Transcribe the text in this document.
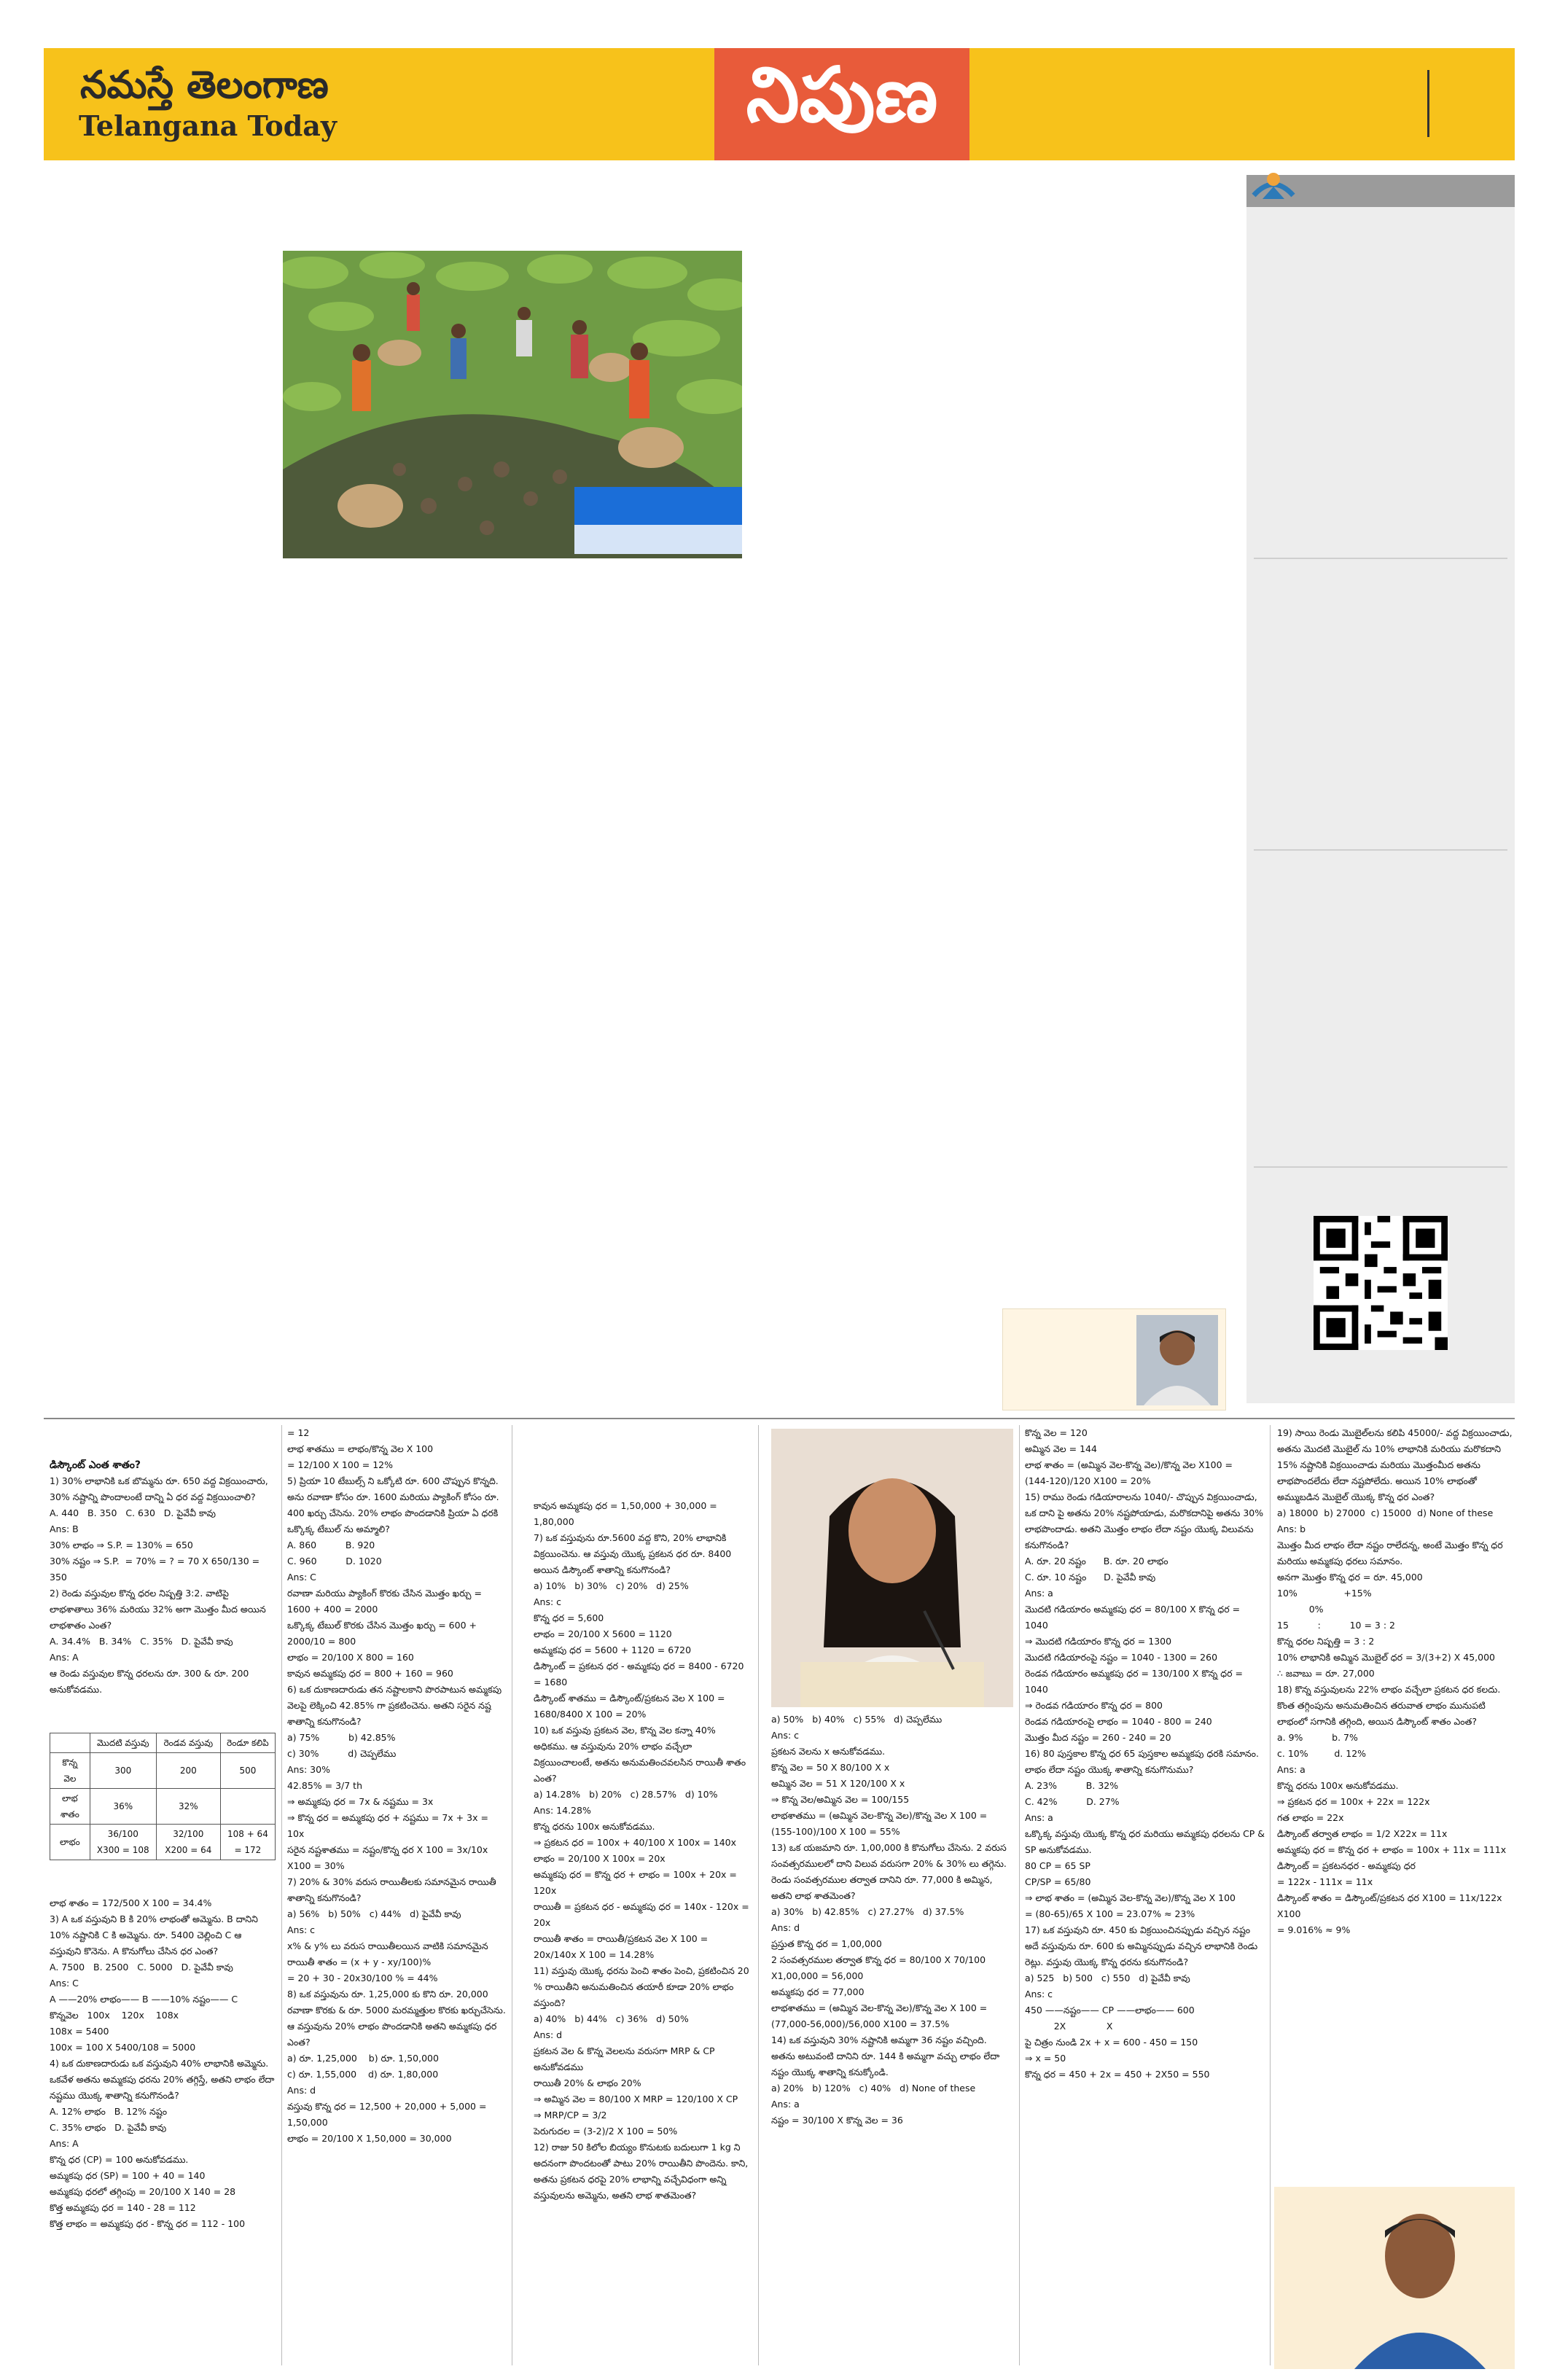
నమస్తే తెలంగాణ
Telangana Today	నిపుణ

డిస్కౌంట్ ఎంత శాతం?
1) 30% లాభానికి ఒక బొమ్మను రూ. 650 వద్ద విక్రయించారు, 30% నష్టాన్ని పొందాలంటే దాన్ని ఏ ధర వద్ద విక్రయించాలి?
A. 440   B. 350   C. 630   D. పైవేవీ కావు
Ans: B
30% లాభం ⇒ S.P. = 130% = 650
30% నష్టం ⇒ S.P.  = 70% = ? = 70 X 650/130 = 350
2) రెండు వస్తువుల కొన్న ధరల నిష్పత్తి 3:2. వాటిపై లాభశాతాలు 36% మరియు 32% అగా మొత్తం మీద అయిన లాభశాతం ఎంత?
A. 34.4%   B. 34%   C. 35%   D. పైవేవీ కావు
Ans: A
ఆ రెండు వస్తువుల కొన్న ధరలను రూ. 300 & రూ. 200 అనుకోవడము.

	మొదటి వస్తువు	రెండవ వస్తువు	రెండూ కలిపి
కొన్న వెల	300	200	500
లాభ శాతం	36%	32%	
లాభం	36/100 X300 = 108	32/100 X200 = 64	108 + 64 = 172

లాభ శాతం = 172/500 X 100 = 34.4%
3) A ఒక వస్తువుని B కి 20% లాభంతో అమ్మెను. B దానిని 10% నష్టానికి C కి అమ్మెను. రూ. 5400 చెల్లించి C ఆ వస్తువుని కొనెను. A కొనుగోలు చేసిన ధర ఎంత?
A. 7500   B. 2500   C. 5000   D. పైవేవీ కావు
Ans: C
A ——20% లాభం—— B ——10% నష్టం—— C
కొన్నవెల   100x    120x    108x
108x = 5400
100x = 100 X 5400/108 = 5000
4) ఒక దుకాణదారుడు ఒక వస్తువుని 40% లాభానికి అమ్మెను. ఒకవేళ అతను అమ్మకపు ధరను 20% తగ్గిస్తే, అతని లాభం లేదా నష్టము యొక్క శాతాన్ని కనుగొనండి?
A. 12% లాభం   B. 12% నష్టం
C. 35% లాభం   D. పైవేవీ కావు
Ans: A
కొన్న ధర (CP) = 100 అనుకోవడము.
అమ్మకపు ధర (SP) = 100 + 40 = 140
అమ్మకపు ధరలో తగ్గింపు = 20/100 X 140 = 28
కొత్త అమ్మకపు ధర = 140 - 28 = 112
కొత్త లాభం = అమ్మకపు ధర - కొన్న ధర = 112 - 100

= 12
లాభ శాతము = లాభం/కొన్న వెల X 100
= 12/100 X 100 = 12%
5) ప్రియా 10 టేబుల్స్ ని ఒక్కోటి రూ. 600 చొప్పున కొన్నది. అను రవాణా కోసం రూ. 1600 మరియు ప్యాకింగ్ కోసం రూ. 400 ఖర్చు చేసెను. 20% లాభం పొందడానికి ప్రియా ఏ ధరకి ఒక్కొక్క టేబుల్ ను అమ్మాలి?
A. 860          B. 920
C. 960          D. 1020
Ans: C
రవాణా మరియు ప్యాకింగ్ కొరకు చేసిన మొత్తం ఖర్చు = 1600 + 400 = 2000
ఒక్కొక్క టేబుల్ కొరకు చేసిన మొత్తం ఖర్చు = 600 + 2000/10 = 800
లాభం = 20/100 X 800 = 160
కావున అమ్మకపు ధర = 800 + 160 = 960
6) ఒక దుకాణదారుడు తన నష్టాలకాని పొరపాటున అమ్మకపు వెలపై లెక్కించి 42.85% గా ప్రకటించెను. అతని సరైన నష్ట శాతాన్ని కనుగొనండి?
a) 75%          b) 42.85%
c) 30%          d) చెప్పలేము
Ans: 30%
42.85% = 3/7 th
⇒ అమ్మకపు ధర = 7x & నష్టము = 3x
⇒ కొన్న ధర = అమ్మకపు ధర + నష్టము = 7x + 3x = 10x
సరైన నష్టశాతము = నష్టం/కొన్న ధర X 100 = 3x/10x X100 = 30%
7) 20% & 30% వరుస రాయితీలకు సమానమైన రాయితీ శాతాన్ని కనుగొనండి?
a) 56%   b) 50%   c) 44%   d) పైవేవీ కావు
Ans: c
x% & y% లు వరుస రాయితీలయిన వాటికి సమానమైన రాయితీ శాతం = (x + y - xy/100)%
= 20 + 30 - 20x30/100 % = 44%
8) ఒక వస్తువును రూ. 1,25,000 కు కొని రూ. 20,000 రవాణా కొరకు & రూ. 5000 మరమ్మత్తుల కొరకు ఖర్చుచేసెను. ఆ వస్తువును 20% లాభం పొందడానికి అతని అమ్మకపు ధర ఎంత?
a) రూ. 1,25,000    b) రూ. 1,50,000
c) రూ. 1,55,000    d) రూ. 1,80,000
Ans: d
వస్తువు కొన్న ధర = 12,500 + 20,000 + 5,000 = 1,50,000
లాభం = 20/100 X 1,50,000 = 30,000
కావున అమ్మకపు ధర = 1,50,000 + 30,000 = 1,80,000
7) ఒక వస్తువును రూ.5600 వద్ద కొని, 20% లాభానికి విక్రయించెను. ఆ వస్తువు యొక్క ప్రకటన ధర రూ. 8400 అయిన డిస్కౌంట్ శాతాన్ని కనుగొనండి?
a) 10%   b) 30%   c) 20%   d) 25%
Ans: c
కొన్న ధర = 5,600
లాభం = 20/100 X 5600 = 1120
అమ్మకపు ధర = 5600 + 1120 = 6720
డిస్కౌంట్ = ప్రకటన ధర - అమ్మకపు ధర = 8400 - 6720 = 1680
డిస్కౌంట్ శాతము = డిస్కౌంట్/ప్రకటన వెల X 100 = 1680/8400 X 100 = 20%
10) ఒక వస్తువు ప్రకటన వెల, కొన్న వెల కన్నా 40% అధికము. ఆ వస్తువును 20% లాభం వచ్చేలా విక్రయించాలంటే, అతను అనుమతించవలసిన రాయితీ శాతం ఎంత?
a) 14.28%   b) 20%   c) 28.57%   d) 10%
Ans: 14.28%
కొన్న ధరను 100x అనుకోవడము.
⇒ ప్రకటన ధర = 100x + 40/100 X 100x = 140x
లాభం = 20/100 X 100x = 20x
అమ్మకపు ధర = కొన్న ధర + లాభం = 100x + 20x = 120x
రాయితీ = ప్రకటన ధర - అమ్మకపు ధర = 140x - 120x = 20x
రాయితీ శాతం = రాయితీ/ప్రకటన వెల X 100 = 20x/140x X 100 = 14.28%
11) వస్తువు యొక్క ధరను పెంచి శాతం పెంచి, ప్రకటించిన 20 % రాయితీని అనుమతించిన తయారీ కూడా 20% లాభం వస్తుంది?
a) 40%   b) 44%   c) 36%   d) 50%
Ans: d
ప్రకటన వెల & కొన్న వెలలను వరుసగా MRP & CP అనుకోవడము
రాయితీ 20% & లాభం 20%
⇒ అమ్మిన వెల = 80/100 X MRP = 120/100 X CP
⇒ MRP/CP = 3/2
పెరుగుదల = (3-2)/2 X 100 = 50%
12) రాజు 50 కిలోల బియ్యం కొనుటకు బదులుగా 1 kg ని అదనంగా పొందటంతో పాటు 20% రాయితీని పొందెను. కాని, అతను ప్రకటన ధరపై 20% లాభాన్ని వచ్చేవిధంగా అన్ని వస్తువులను అమ్మెను, అతని లాభ శాతమెంత?
a) 50%   b) 40%   c) 55%   d) చెప్పలేము
Ans: c
ప్రకటన వెలను x అనుకోవడము.
కొన్న వెల = 50 X 80/100 X x
అమ్మిన వెల = 51 X 120/100 X x
⇒ కొన్న వెల/అమ్మిన వెల = 100/155
లాభశాతము = (అమ్మిన వెల-కొన్న వెల)/కొన్న వెల X 100 =
(155-100)/100 X 100 = 55%
13) ఒక యజమాని రూ. 1,00,000 కి కొనుగోలు చేసెను. 2 వరుస సంవత్సరములలో దాని విలువ వరుసగా 20% & 30% లు తగ్గెను. రెండు సంవత్సరముల తర్వాత దానిని రూ. 77,000 కి అమ్మిన, అతని లాభ శాతమెంత?
a) 30%   b) 42.85%   c) 27.27%   d) 37.5%
Ans: d
ప్రస్తుత కొన్న ధర = 1,00,000
2 సంవత్సరముల తర్వాత కొన్న ధర = 80/100 X 70/100 X1,00,000 = 56,000
అమ్మకపు ధర = 77,000
లాభశాతము = (అమ్మిన వెల-కొన్న వెల)/కొన్న వెల X 100 =
(77,000-56,000)/56,000 X100 = 37.5%
14) ఒక వస్తువుని 30% నష్టానికి అమ్మగా 36 నష్టం వచ్చింది. అతను అటువంటి దానిని రూ. 144 కి అమ్మగా వచ్చు లాభం లేదా నష్టం యొక్క శాతాన్ని కనుక్కోండి.
a) 20%   b) 120%   c) 40%   d) None of these
Ans: a
నష్టం = 30/100 X కొన్న వెల = 36
కొన్న వెల = 120
అమ్మిన వెల = 144
లాభ శాతం = (అమ్మిన వెల-కొన్న వెల)/కొన్న వెల X100 =
(144-120)/120 X100 = 20%
15) రాము రెండు గడియారాలను 1040/- చొప్పున విక్రయించాడు, ఒక దాని పై అతను 20% నష్టపోయాడు, మరొకదానిపై అతను 30% లాభపొందాడు. అతని మొత్తం లాభం లేదా నష్టం యొక్క విలువను కనుగొనండి?
A. రూ. 20 నష్టం      B. రూ. 20 లాభం
C. రూ. 10 నష్టం      D. పైవేవీ కావు
Ans: a
మొదటి గడియారం అమ్మకపు ధర = 80/100 X కొన్న ధర = 1040
⇒ మొదటి గడియారం కొన్న ధర = 1300
మొదటి గడియారంపై నష్టం = 1040 - 1300 = 260
రెండవ గడియారం అమ్మకపు ధర = 130/100 X కొన్న ధర = 1040
⇒ రెండవ గడియారం కొన్న ధర = 800
రెండవ గడియారంపై లాభం = 1040 - 800 = 240
మొత్తం మీద నష్టం = 260 - 240 = 20
16) 80 పుస్తకాల కొన్న ధర 65 పుస్తకాల అమ్మకపు ధరకి సమానం. లాభం లేదా నష్టం యొక్క శాతాన్ని కనుగొనుము?
A. 23%          B. 32%
C. 42%          D. 27%
Ans: a
ఒక్కొక్క వస్తువు యొక్క కొన్న ధర మరియు అమ్మకపు ధరలను CP & SP అనుకోవడము.
80 CP = 65 SP
CP/SP = 65/80
⇒ లాభ శాతం = (అమ్మిన వెల-కొన్న వెల)/కొన్న వెల X 100
= (80-65)/65 X 100 = 23.07% ≈ 23%
17) ఒక వస్తువుని రూ. 450 కు విక్రయించినప్పుడు వచ్చిన నష్టం అదే వస్తువును రూ. 600 కు అమ్మినప్పుడు వచ్చిన లాభానికి రెండు రెట్లు. వస్తువు యొక్క కొన్న ధరను కనుగొనండి?
a) 525   b) 500   c) 550   d) పైవేవీ కావు
Ans: c
450 ——నష్టం—— CP ——లాభం—— 600
2X              X
పై చిత్రం నుండి 2x + x = 600 - 450 = 150
⇒ x = 50
కొన్న ధర = 450 + 2x = 450 + 2X50 = 550
19) సాయి రెండు మొబైల్‌లను కలిపి 45000/- వద్ద విక్రయించాడు, అతను మొదటి మొబైల్ ను 10% లాభానికి మరియు మరొకదాని 15% నష్టానికి విక్రయించాడు మరియు మొత్తంమీద అతను లాభపొందలేదు లేదా నష్టపోలేదు. అయిన 10% లాభంతో అమ్ముబడిన మొబైల్ యొక్క కొన్న ధర ఎంత?
a) 18000  b) 27000  c) 15000  d) None of these
Ans: b
మొత్తం మీద లాభం లేదా నష్టం రాలేదన్న, అంటే మొత్తం కొన్న ధర మరియు అమ్మకపు ధరలు సమానం.
అనగా మొత్తం కొన్న ధర = రూ. 45,000
10%                +15%
0%
15          :          10 = 3 : 2
కొన్న ధరల నిష్పత్తి = 3 : 2
10% లాభానికి అమ్మిన మొబైల్ ధర = 3/(3+2) X 45,000
∴ జవాబు = రూ. 27,000
18) కొన్న వస్తువులను 22% లాభం వచ్చేలా ప్రకటన ధర కలదు. కొంత తగ్గింపును అనుమతించిన తరువాత లాభం మునుపటి లాభంలో సగానికి తగ్గింది, అయిన డిస్కౌంట్ శాతం ఎంత?
a. 9%          b. 7%
c. 10%         d. 12%
Ans: a
కొన్న ధరను 100x అనుకోవడము.
⇒ ప్రకటన ధర = 100x + 22x = 122x
గత లాభం = 22x
డిస్కౌంట్ తర్వాత లాభం = 1/2 X22x = 11x
అమ్మకపు ధర = కొన్న ధర + లాభం = 100x + 11x = 111x
డిస్కౌంట్ = ప్రకటనధర - అమ్మకపు ధర
= 122x - 111x = 11x
డిస్కౌంట్ శాతం = డిస్కౌంట్/ప్రకటన ధర X100 = 11x/122x X100
= 9.016% ≈ 9%
